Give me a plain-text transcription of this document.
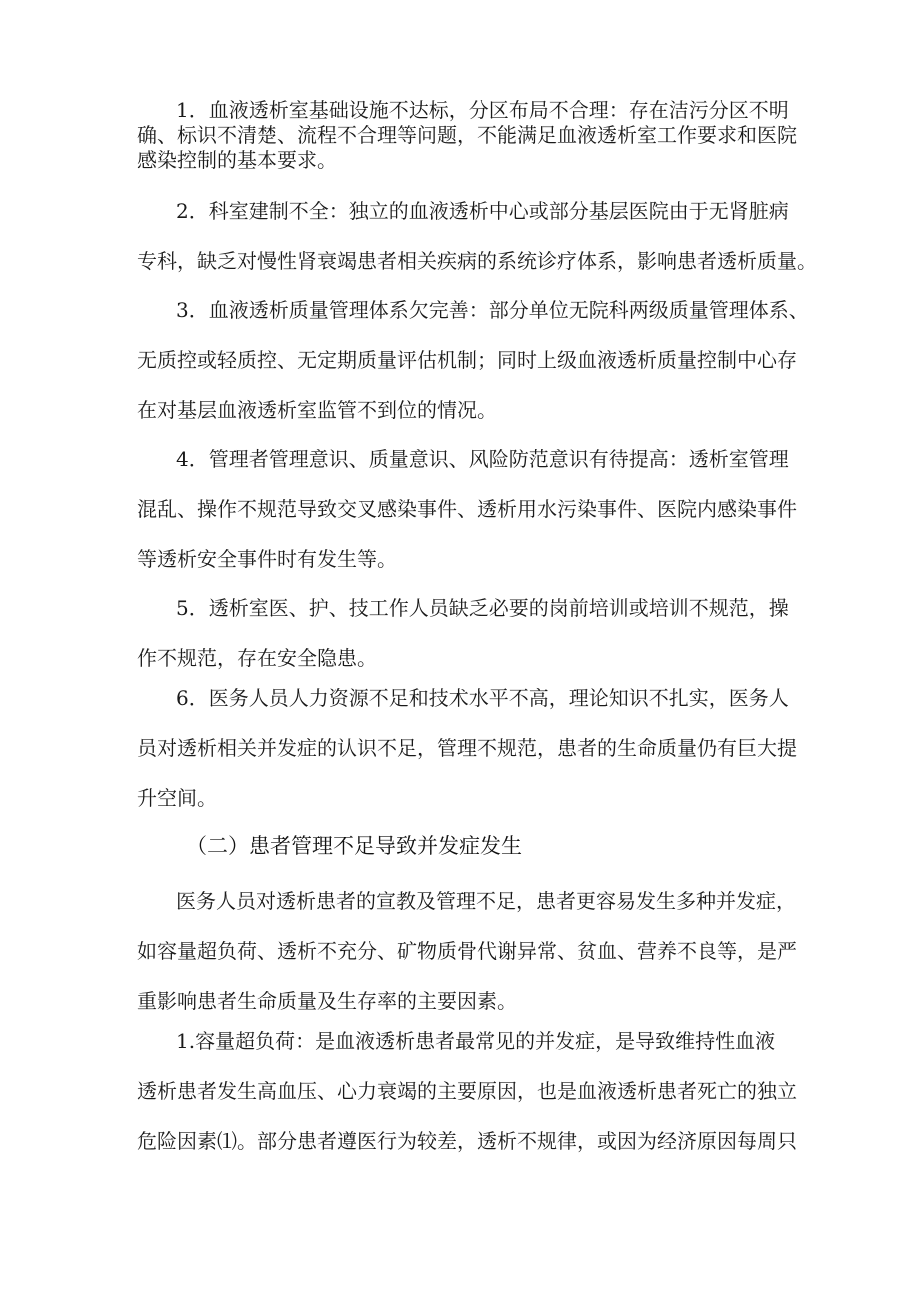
1．血液透析室基础设施不达标，分区布局不合理：存在洁污分区不明
确、标识不清楚、流程不合理等问题，不能满足血液透析室工作要求和医院
感染控制的基本要求。
2．科室建制不全：独立的血液透析中心或部分基层医院由于无肾脏病
专科，缺乏对慢性肾衰竭患者相关疾病的系统诊疗体系，影响患者透析质量。
3．血液透析质量管理体系欠完善：部分单位无院科两级质量管理体系、
无质控或轻质控、无定期质量评估机制；同时上级血液透析质量控制中心存
在对基层血液透析室监管不到位的情况。
4．管理者管理意识、质量意识、风险防范意识有待提高：透析室管理
混乱、操作不规范导致交叉感染事件、透析用水污染事件、医院内感染事件
等透析安全事件时有发生等。
5．透析室医、护、技工作人员缺乏必要的岗前培训或培训不规范，操
作不规范，存在安全隐患。
6．医务人员人力资源不足和技术水平不高，理论知识不扎实，医务人
员对透析相关并发症的认识不足，管理不规范，患者的生命质量仍有巨大提
升空间。
（二）患者管理不足导致并发症发生
医务人员对透析患者的宣教及管理不足，患者更容易发生多种并发症，
如容量超负荷、透析不充分、矿物质骨代谢异常、贫血、营养不良等，是严
重影响患者生命质量及生存率的主要因素。
1.容量超负荷：是血液透析患者最常见的并发症，是导致维持性血液
透析患者发生高血压、心力衰竭的主要原因，也是血液透析患者死亡的独立
危险因素⑴。部分患者遵医行为较差，透析不规律，或因为经济原因每周只
